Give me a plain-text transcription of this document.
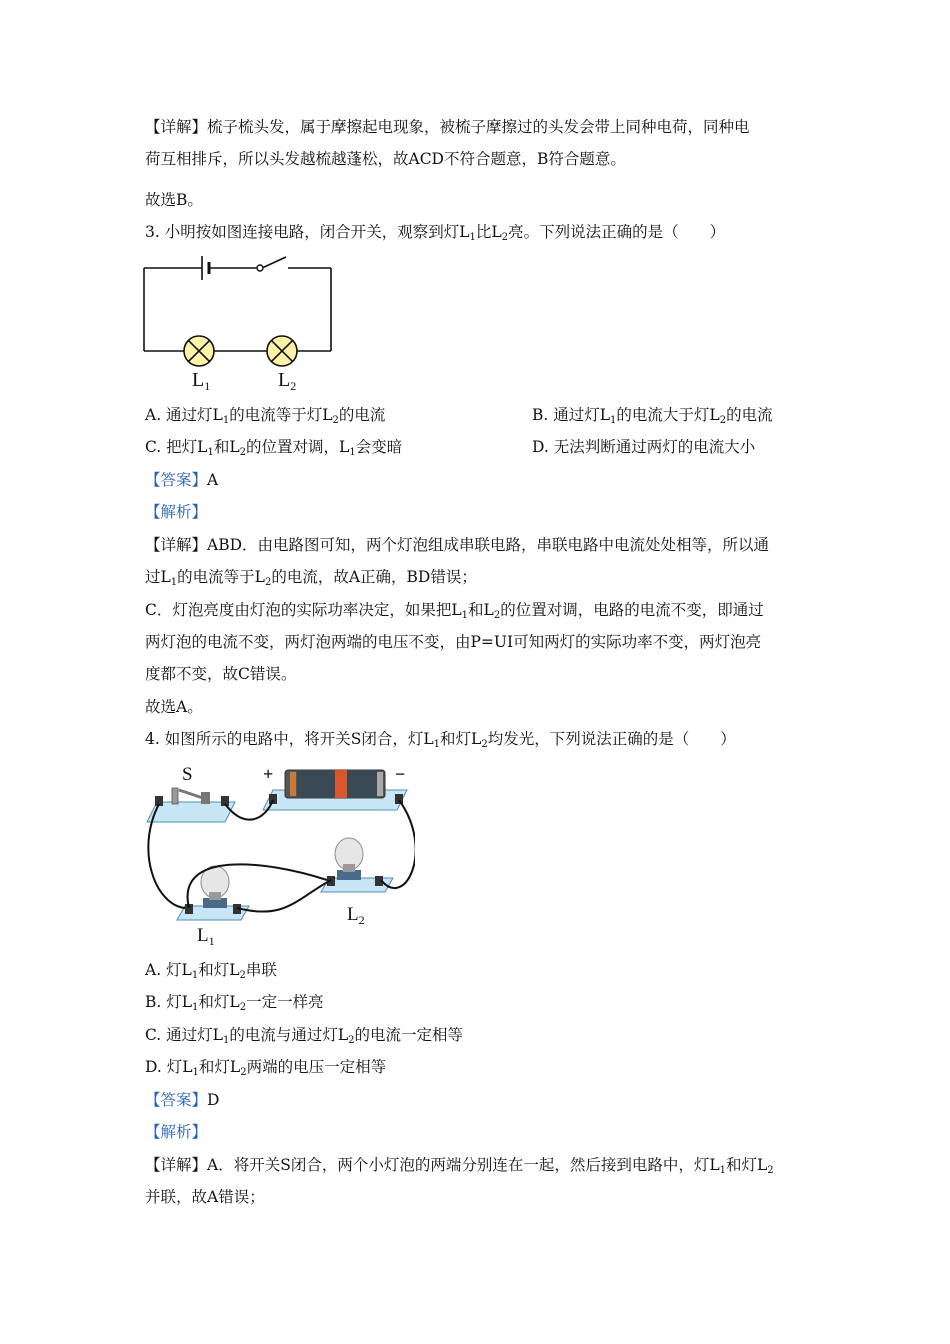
【详解】梳子梳头发，属于摩擦起电现象，被梳子摩擦过的头发会带上同种电荷，同种电
荷互相排斥，所以头发越梳越蓬松，故ACD不符合题意，B符合题意。
故选B。
3. 小明按如图连接电路，闭合开关，观察到灯$L_1$比$L_2$亮。下列说法正确的是（　　）
$L_1$	$L_2$
A. 通过灯$L_1$的电流等于灯$L_2$的电流	B. 通过灯$L_1$的电流大于灯$L_2$的电流
C. 把灯$L_1$和$L_2$的位置对调，$L_1$会变暗	D. 无法判断通过两灯的电流大小
【答案】A
【解析】
【详解】ABD．由电路图可知，两个灯泡组成串联电路，串联电路中电流处处相等，所以通
过$L_1$的电流等于$L_2$的电流，故A正确，BD错误；
C．灯泡亮度由灯泡的实际功率决定，如果把$L_1$和$L_2$的位置对调，电路的电流不变，即通过
两灯泡的电流不变，两灯泡两端的电压不变，由P=UI可知两灯的实际功率不变，两灯泡亮
度都不变，故C错误。
故选A。
4. 如图所示的电路中，将开关S闭合，灯$L_1$和灯$L_2$均发光，下列说法正确的是（　　）
S	+	−
$L_1$
$L_2$
A. 灯$L_1$和灯$L_2$串联
B. 灯$L_1$和灯$L_2$一定一样亮
C. 通过灯$L_1$的电流与通过灯$L_2$的电流一定相等
D. 灯$L_1$和灯$L_2$两端的电压一定相等
【答案】D
【解析】
【详解】A．将开关S闭合，两个小灯泡的两端分别连在一起，然后接到电路中，灯$L_1$和灯$L_2$
并联，故A错误；
